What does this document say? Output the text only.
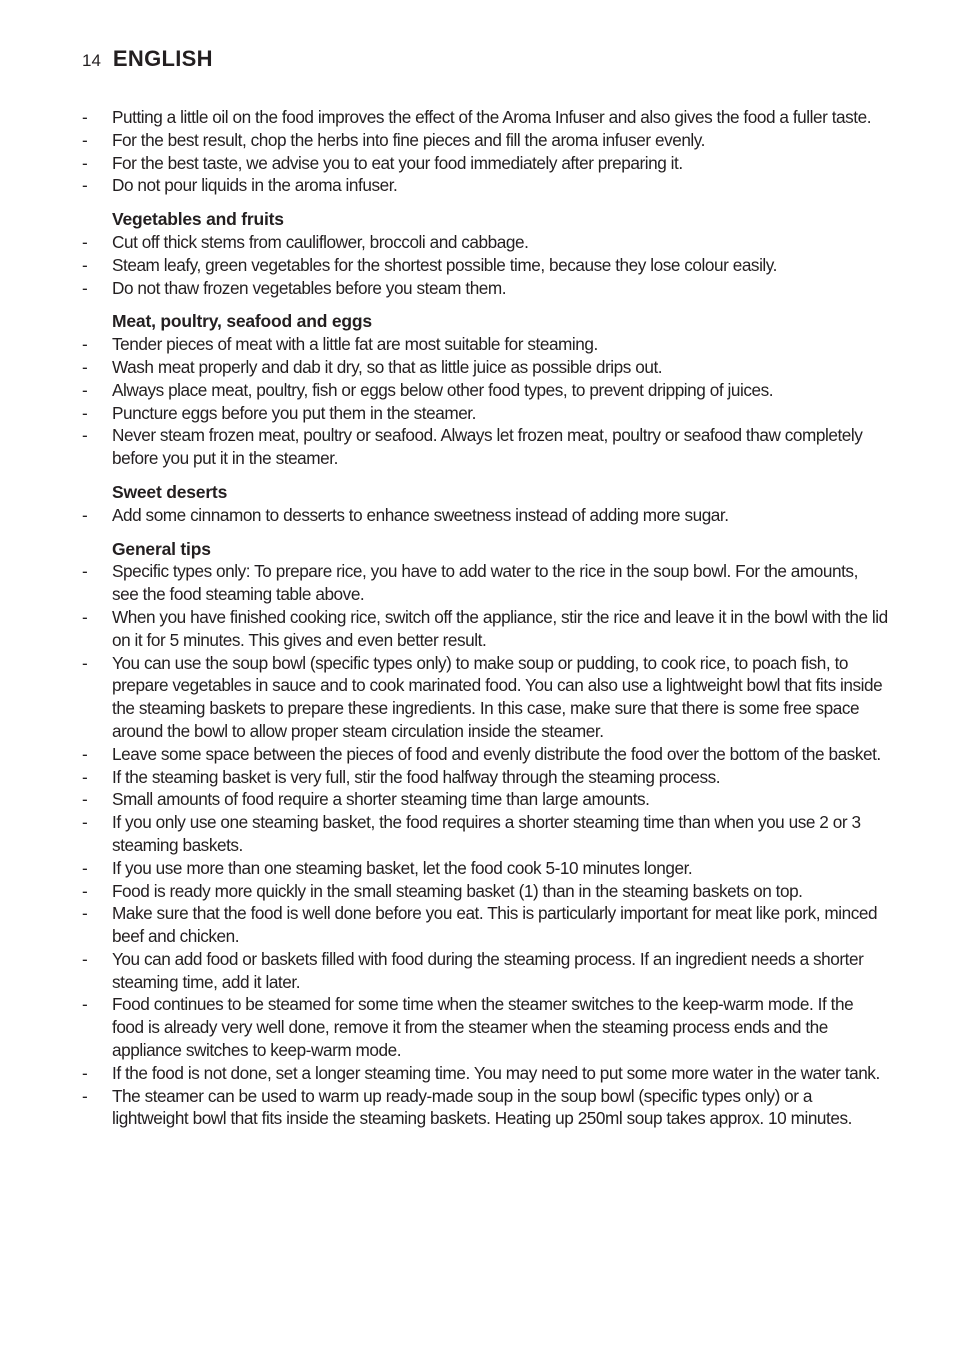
14 ENGLISH
-	Putting a little oil on the food improves the effect of the Aroma Infuser and also gives the food a fuller taste.
-	For the best result, chop the herbs into fine pieces and fill the aroma infuser evenly.
-	For the best taste, we advise you to eat your food immediately after preparing it.
-	Do not pour liquids in the aroma infuser.
Vegetables and fruits
-	Cut off thick stems from cauliflower, broccoli and cabbage.
-	Steam leafy, green vegetables for the shortest possible time, because they lose colour easily.
-	Do not thaw frozen vegetables before you steam them.
Meat, poultry, seafood and eggs
-	Tender pieces of meat with a little fat are most suitable for steaming.
-	Wash meat properly and dab it dry, so that as little juice as possible drips out.
-	Always place meat, poultry, fish or eggs below other food types, to prevent dripping of juices.
-	Puncture eggs before you put them in the steamer.
-	Never steam frozen meat, poultry or seafood. Always let frozen meat, poultry or seafood thaw completely before you put it in the steamer.
Sweet deserts
-	Add some cinnamon to desserts to enhance sweetness instead of adding more sugar.
General tips
-	Specific types only: To prepare rice, you have to add water to the rice in the soup bowl. For the amounts, see the food steaming table above.
-	When you have finished cooking rice, switch off the appliance, stir the rice and leave it in the bowl with the lid on it for 5 minutes. This gives and even better result.
-	You can use the soup bowl (specific types only) to make soup or pudding, to cook rice, to poach fish, to prepare vegetables in sauce and to cook marinated food. You can also use a lightweight bowl that fits inside the steaming baskets to prepare these ingredients. In this case, make sure that there is some free space around the bowl to allow proper steam circulation inside the steamer.
-	Leave some space between the pieces of food and evenly distribute the food over the bottom of the basket.
-	If the steaming basket is very full, stir the food halfway through the steaming process.
-	Small amounts of food require a shorter steaming time than large amounts.
-	If you only use one steaming basket, the food requires a shorter steaming time than when you use 2 or 3 steaming baskets.
-	If you use more than one steaming basket, let the food cook 5-10 minutes longer.
-	Food is ready more quickly in the small steaming basket (1) than in the steaming baskets on top.
-	Make sure that the food is well done before you eat. This is particularly important for meat like pork, minced beef and chicken.
-	You can add food or baskets filled with food during the steaming process. If an ingredient needs a shorter steaming time, add it later.
-	Food continues to be steamed for some time when the steamer switches to the keep-warm mode. If the food is already very well done, remove it from the steamer when the steaming process ends and the appliance switches to keep-warm mode.
-	If the food is not done, set a longer steaming time. You may need to put some more water in the water tank.
-	The steamer can be used to warm up ready-made soup in the soup bowl (specific types only) or a lightweight bowl that fits inside the steaming baskets. Heating up 250ml soup takes approx. 10 minutes.
